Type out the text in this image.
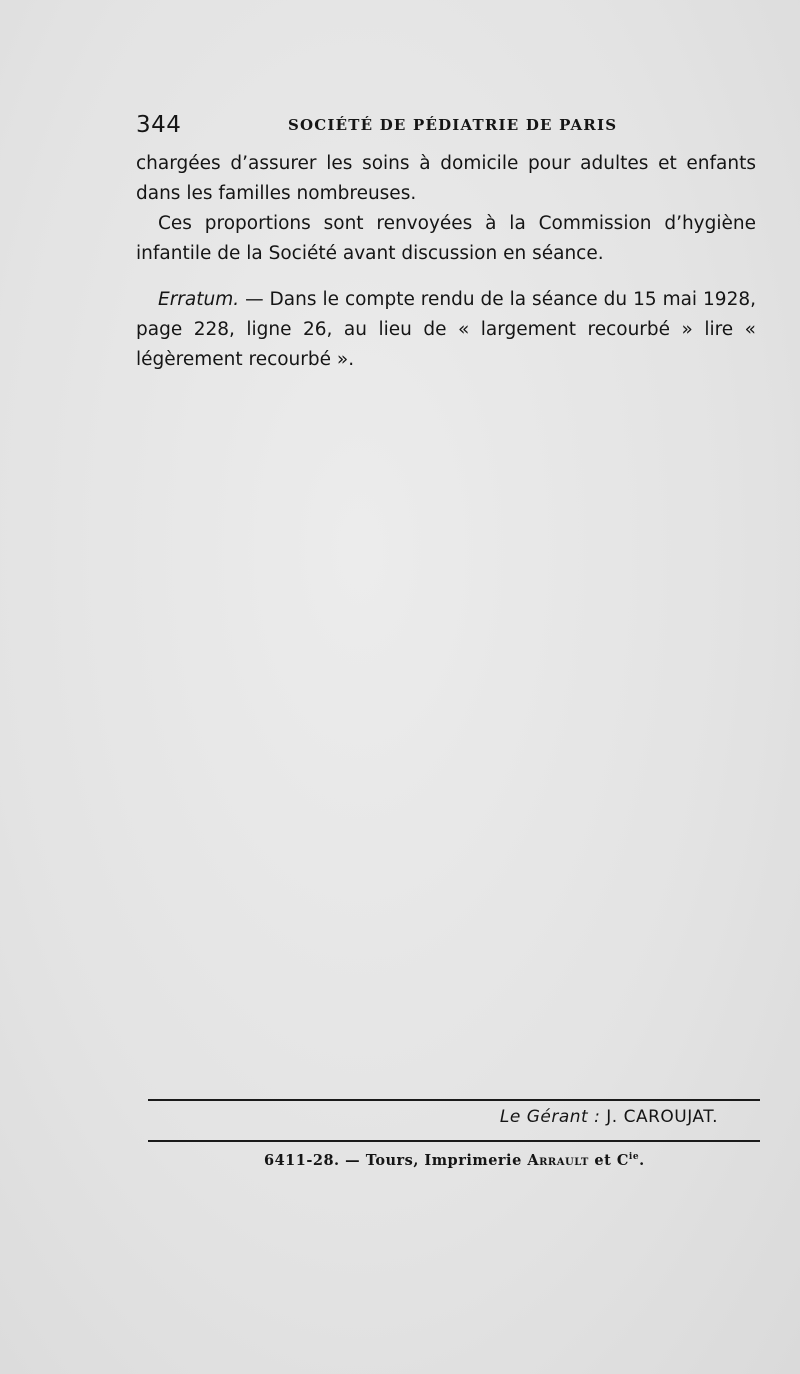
344	SOCIÉTÉ DE PÉDIATRIE DE PARIS

chargées d’assurer les soins à domicile pour adultes et enfants dans les familles nombreuses.

Ces proportions sont renvoyées à la Commission d’hygiène infantile de la Société avant discussion en séance.

Erratum. — Dans le compte rendu de la séance du 15 mai 1928, page 228, ligne 26, au lieu de « largement recourbé » lire « légèrement recourbé ».

Le Gérant : J. CAROUJAT.
6411-28. — Tours, Imprimerie Arrault et $C^{ie}$.
